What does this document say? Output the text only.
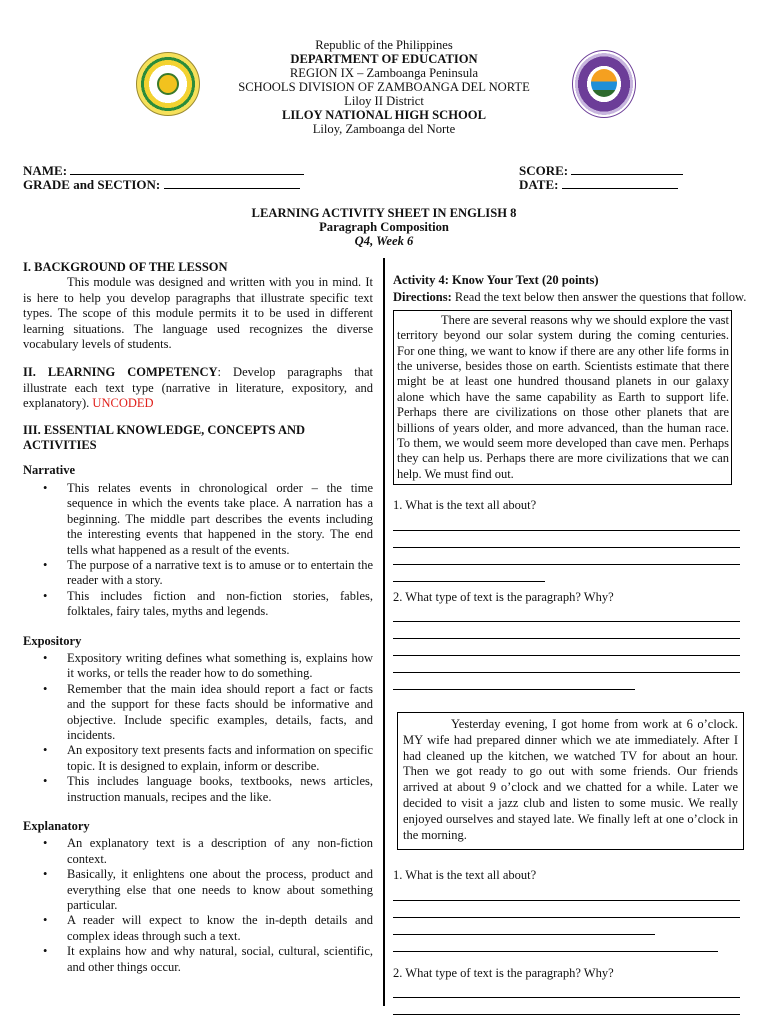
Republic of the Philippines
DEPARTMENT OF EDUCATION
REGION IX – Zamboanga Peninsula
SCHOOLS DIVISION OF ZAMBOANGA DEL NORTE
Liloy II District
LILOY NATIONAL HIGH SCHOOL
Liloy, Zamboanga del Norte
NAME:
GRADE and SECTION:
SCORE:
DATE:
LEARNING ACTIVITY SHEET IN ENGLISH 8
Paragraph Composition
Q4, Week 6

I. BACKGROUND OF THE LESSON

This module was designed and written with you in mind. It is here to help you develop paragraphs that illustrate specific text types. The scope of this module permits it to be used in different learning situations. The language used recognizes the diverse vocabulary levels of students.

II. LEARNING COMPETENCY: Develop paragraphs that illustrate each text type (narrative in literature, expository, and explanatory). UNCODED

III. ESSENTIAL KNOWLEDGE, CONCEPTS AND ACTIVITIES

Narrative

• This relates events in chronological order – the time sequence in which the events take place. A narration has a beginning. The middle part describes the events including the interesting events that happened in the story. The end tells what happened as a result of the events.
• The purpose of a narrative text is to amuse or to entertain the reader with a story.
• This includes fiction and non-fiction stories, fables, folktales, fairy tales, myths and legends.

Expository

• Expository writing defines what something is, explains how it works, or tells the reader how to do something.
• Remember that the main idea should report a fact or facts and the support for these facts should be informative and objective. Include specific examples, details, facts, and incidents.
• An expository text presents facts and information on specific topic. It is designed to explain, inform or describe.
• This includes language books, textbooks, news articles, instruction manuals, recipes and the like.

Explanatory

• An explanatory text is a description of any non-fiction context.
• Basically, it enlightens one about the process, product and everything else that one needs to know about something particular.
• A reader will expect to know the in-depth details and complex ideas through such a text.
• It explains how and why natural, social, cultural, scientific, and other things occur.

Activity 4: Know Your Text (20 points)

Directions: Read the text below then answer the questions that follow.

There are several reasons why we should explore the vast territory beyond our solar system during the coming centuries. For one thing, we want to know if there are any other life forms in the universe, besides those on earth. Scientists estimate that there might be at least one hundred thousand planets in our galaxy alone which have the same capability as Earth to support life. Perhaps there are civilizations on those other planets that are billions of years older, and more advanced, than the human race. To them, we would seem more developed than cave men. Perhaps they can help us. Perhaps there are more civilizations that we can help. We must find out.

1. What is the text all about?

2. What type of text is the paragraph? Why?

Yesterday evening, I got home from work at 6 o’clock. MY wife had prepared dinner which we ate immediately. After I had cleaned up the kitchen, we watched TV for about an hour. Then we got ready to go out with some friends. Our friends arrived at about 9 o’clock and we chatted for a while. Later we decided to visit a jazz club and listen to some music. We really enjoyed ourselves and stayed late. We finally left at one o’clock in the morning.

1. What is the text all about?

2. What type of text is the paragraph? Why?
